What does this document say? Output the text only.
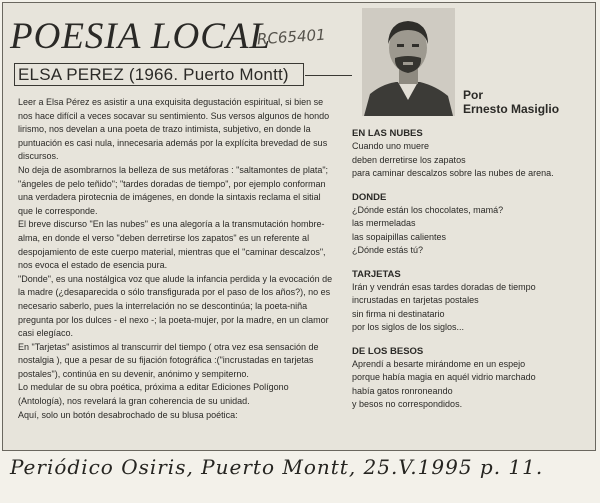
POESIA LOCAL
RC65401
ELSA PEREZ (1966. Puerto Montt)
Por
Ernesto Masiglio

Leer a Elsa Pérez es asistir a una exquisita degustación espiritual, si bien se nos hace difícil a veces socavar su sentimiento. Sus versos algunos de hondo lirismo, nos develan a una poeta de trazo intimista, subjetivo, en donde la puntuación es casi nula, innecesaria además por la explícita brevedad de sus discursos.

No deja de asombrarnos la belleza de sus metáforas : "saltamontes de plata"; "ángeles de pelo teñido"; "tardes doradas de tiempo", por ejemplo conforman una verdadera pirotecnia de imágenes, en donde la sintaxis reclama el sitial que le corresponde.

El breve discurso "En las nubes" es una alegoría a la transmutación hombre-alma, en donde el verso "deben derretirse los zapatos" es un referente al despojamiento de este cuerpo material, mientras que el "caminar descalzos", nos evoca el estado de esencia pura.

"Donde", es una nostálgica voz que alude la infancia perdida y la evocación de la madre (¿desaparecida o sólo transfigurada por el paso de los años?), no es necesario saberlo, pues la interrelación no se descontinúa; la poeta-niña pregunta por los dulces - el nexo -; la poeta-mujer, por la madre, en un clamor casi elegíaco.

En "Tarjetas" asistimos al transcurrir del tiempo ( otra vez esa sensación de nostalgia ), que a pesar de su fijación fotográfica :("incrustadas en tarjetas postales"), continúa en su devenir, anónimo y sempiterno.

Lo medular de su obra poética, próxima a editar Ediciones Polígono (Antología), nos revelará la gran coherencia de su unidad.

Aquí, solo un botón desabrochado de su blusa poética:

EN LAS NUBES
Cuando uno muere
deben derretirse los zapatos
para caminar descalzos sobre las nubes de arena.
DONDE
¿Dónde están los chocolates, mamá?
las mermeladas
las sopaipillas calientes
¿Dónde estás tú?
TARJETAS
Irán y vendrán esas tardes doradas de tiempo
incrustadas en tarjetas postales
sin firma ni destinatario
por los siglos de los siglos...
DE LOS BESOS
Aprendí a besarte mirándome en un espejo
porque había magia en aquél vidrio marchado
había gatos ronroneando
y besos no correspondidos.
Periódico Osiris, Puerto Montt, 25.V.1995 p. 11.
